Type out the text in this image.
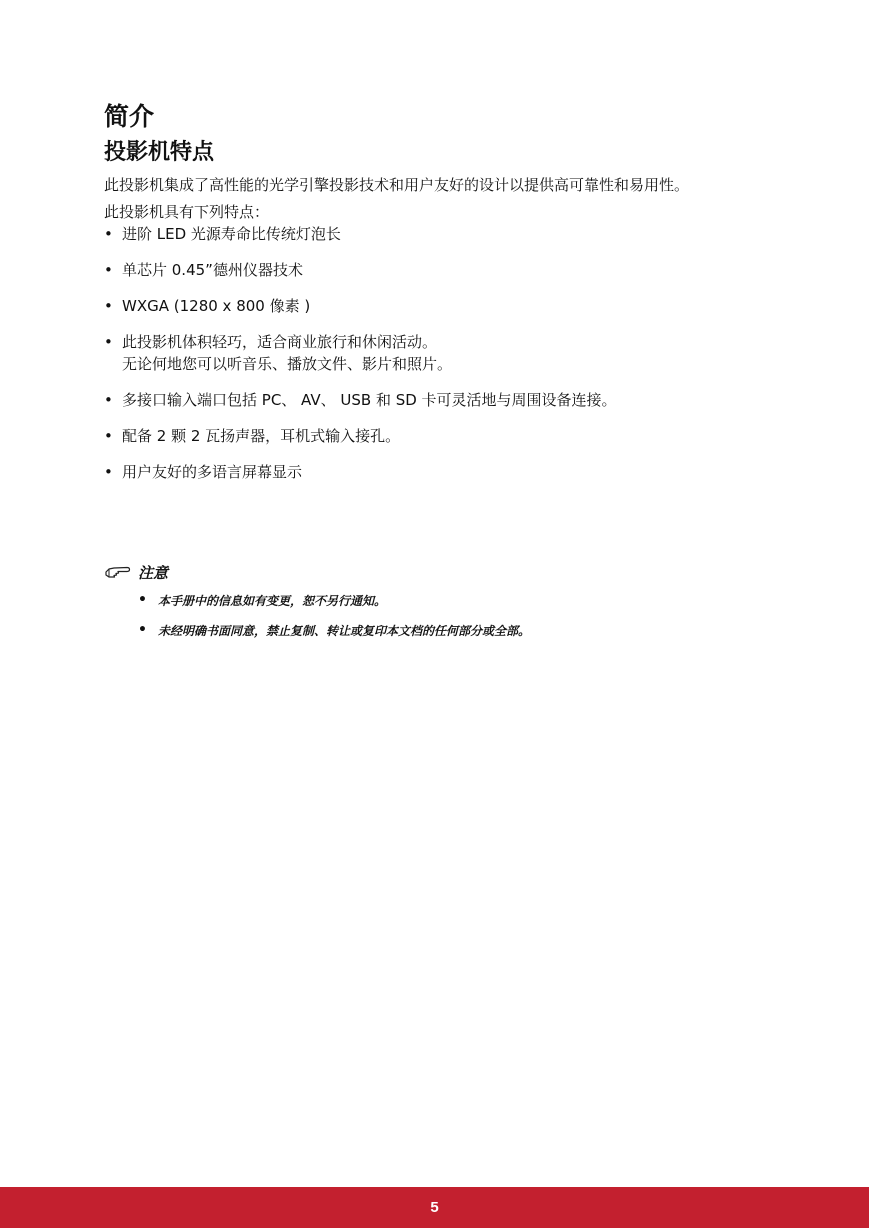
简介
投影机特点

此投影机集成了高性能的光学引擎投影技术和用户友好的设计以提供高可靠性和易用性。

此投影机具有下列特点：

• 进阶 LED 光源寿命比传统灯泡长
• 单芯片 0.45”德州仪器技术
• WXGA (1280 x 800 像素 )
• 此投影机体积轻巧，适合商业旅行和休闲活动。
无论何地您可以听音乐、播放文件、影片和照片。
• 多接口输入端口包括 PC、 AV、 USB 和 SD 卡可灵活地与周围设备连接。
• 配备 2 颗 2 瓦扬声器，耳机式输入接孔。
• 用户友好的多语言屏幕显示
注意
• 本手册中的信息如有变更，恕不另行通知。
• 未经明确书面同意，禁止复制、转让或复印本文档的任何部分或全部。
5
